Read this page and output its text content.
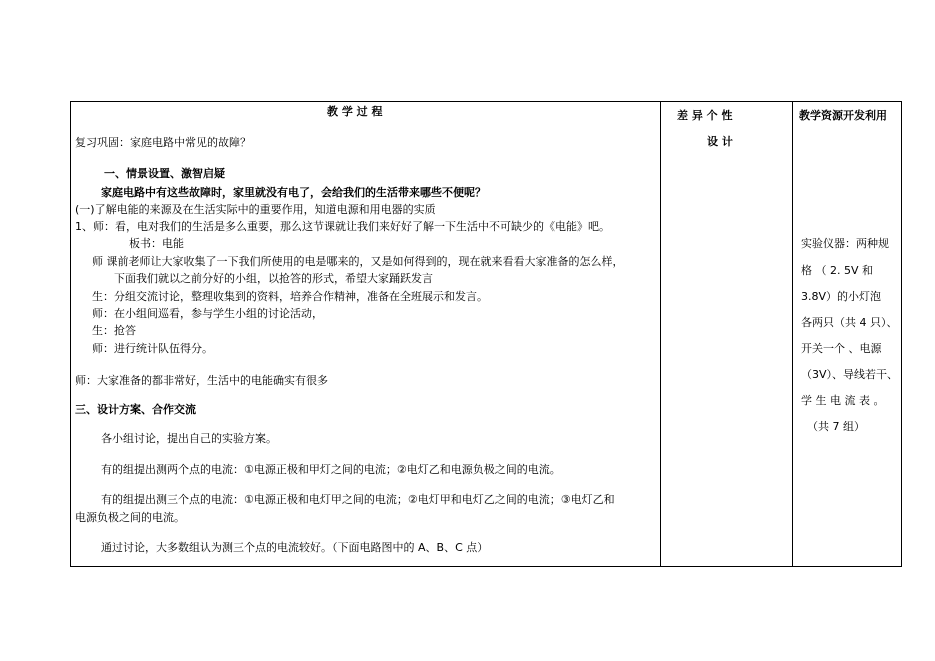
教 学 过 程	差 异 个 性
设 计
教学资源开发利用
复习巩固：家庭电路中常见的故障？
一、情景设置、激智启疑
家庭电路中有这些故障时，家里就没有电了，会给我们的生活带来哪些不便呢？
(一)了解电能的来源及在生活实际中的重要作用，知道电源和用电器的实质
1、师：看，电对我们的生活是多么重要，那么这节课就让我们来好好了解一下生活中不可缺少的《电能》吧。
板书：电能
师 课前老师让大家收集了一下我们所使用的电是哪来的，又是如何得到的，现在就来看看大家准备的怎么样，
下面我们就以之前分好的小组，以抢答的形式，希望大家踊跃发言
生：分组交流讨论，整理收集到的资料，培养合作精神，准备在全班展示和发言。
师：在小组间巡看，参与学生小组的讨论活动，
生：抢答
师：进行统计队伍得分。
师：大家准备的都非常好，生活中的电能确实有很多
三、设计方案、合作交流
各小组讨论，提出自己的实验方案。
有的组提出测两个点的电流：①电源正极和甲灯之间的电流；②电灯乙和电源负极之间的电流。
有的组提出测三个点的电流：①电源正极和电灯甲之间的电流；②电灯甲和电灯乙之间的电流；③电灯乙和
电源负极之间的电流。
通过讨论，大多数组认为测三个点的电流较好。（下面电路图中的 A、B、C 点）
实验仪器：两种规
格 （ 2. 5V 和
3.8V）的小灯泡
各两只（共 4 只）、
开关一个 、电源
（3V）、导线若干、
学 生 电 流 表 。
（共 7 组）
